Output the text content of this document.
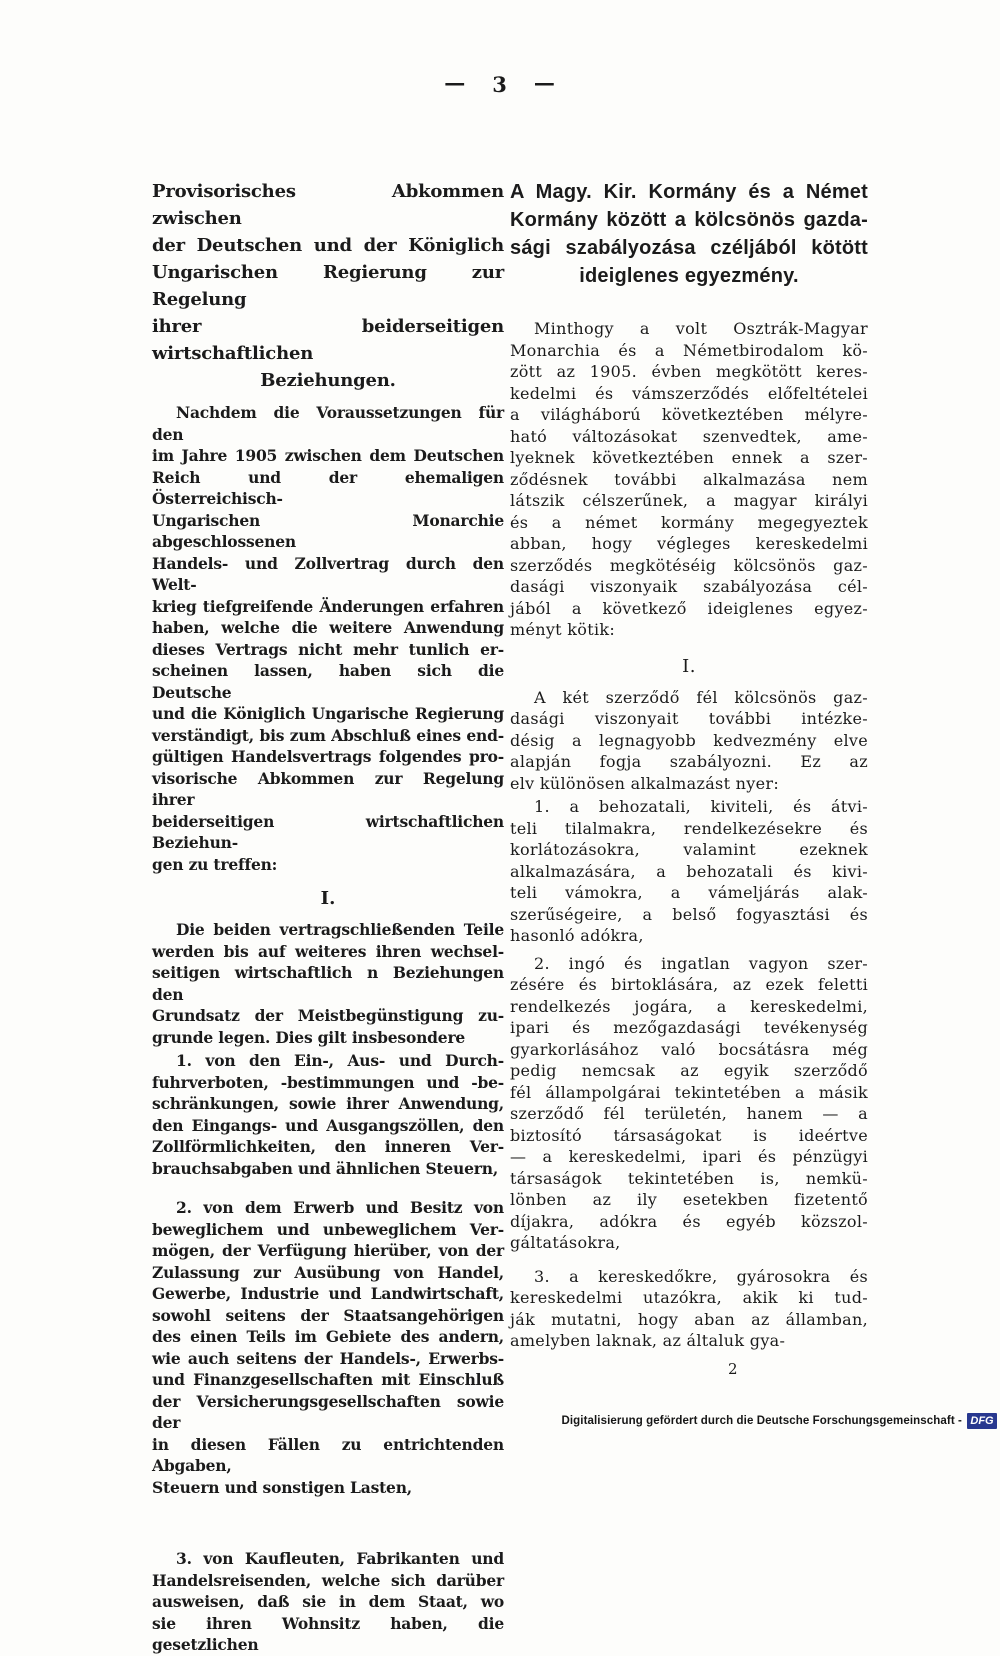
— 3 —
Provisorisches Abkommen zwischen
der Deutschen und der Königlich
Ungarischen Regierung zur Regelung
ihrer beiderseitigen wirtschaftlichen
Beziehungen.
Nachdem die Voraussetzungen für den
im Jahre 1905 zwischen dem Deutschen
Reich und der ehemaligen Österreichisch-
Ungarischen Monarchie abgeschlossenen
Handels- und Zollvertrag durch den Welt-
krieg tiefgreifende Änderungen erfahren
haben, welche die weitere Anwendung
dieses Vertrags nicht mehr tunlich er-
scheinen lassen, haben sich die Deutsche
und die Königlich Ungarische Regierung
verständigt, bis zum Abschluß eines end-
gültigen Handelsvertrags folgendes pro-
visorische Abkommen zur Regelung ihrer
beiderseitigen wirtschaftlichen Beziehun-
gen zu treffen:
I.
Die beiden vertragschließenden Teile
werden bis auf weiteres ihren wechsel-
seitigen wirtschaftlich n Beziehungen den
Grundsatz der Meistbegünstigung zu-
grunde legen. Dies gilt insbesondere
1. von den Ein-, Aus- und Durch-
fuhrverboten, -bestimmungen und -be-
schränkungen, sowie ihrer Anwendung,
den Eingangs- und Ausgangszöllen, den
Zollförmlichkeiten, den inneren Ver-
brauchsabgaben und ähnlichen Steuern,
2. von dem Erwerb und Besitz von
beweglichem und unbeweglichem Ver-
mögen, der Verfügung hierüber, von der
Zulassung zur Ausübung von Handel,
Gewerbe, Industrie und Landwirtschaft,
sowohl seitens der Staatsangehörigen
des einen Teils im Gebiete des andern,
wie auch seitens der Handels-, Erwerbs-
und Finanzgesellschaften mit Einschluß
der Versicherungsgesellschaften sowie der
in diesen Fällen zu entrichtenden Abgaben,
Steuern und sonstigen Lasten,
3. von Kaufleuten, Fabrikanten und
Handelsreisenden, welche sich darüber
ausweisen, daß sie in dem Staat, wo
sie ihren Wohnsitz haben, die gesetzlichen
A Magy. Kir. Kormány és a Német
Kormány között a kölcsönös gazda-
sági szabályozása czéljából kötött
ideiglenes egyezmény.
Minthogy a volt Osztrák-Magyar
Monarchia és a Németbirodalom kö-
zött az 1905. évben megkötött keres-
kedelmi és vámszerződés előfeltételei
a világháború következtében mélyre-
ható változásokat szenvedtek, ame-
lyeknek következtében ennek a szer-
ződésnek további alkalmazása nem
látszik célszerűnek, a magyar királyi
és a német kormány megegyeztek
abban, hogy végleges kereskedelmi
szerződés megkötéséig kölcsönös gaz-
dasági viszonyaik szabályozása cél-
jából a következő ideiglenes egyez-
ményt kötik:
I.
A két szerződő fél kölcsönös gaz-
dasági viszonyait további intézke-
désig a legnagyobb kedvezmény elve
alapján fogja szabályozni. Ez az
elv különösen alkalmazást nyer:
1. a behozatali, kiviteli, és átvi-
teli tilalmakra, rendelkezésekre és
korlátozásokra, valamint ezeknek
alkalmazására, a behozatali és kivi-
teli vámokra, a vámeljárás alak-
szerűségeire, a belső fogyasztási és
hasonló adókra,
2. ingó és ingatlan vagyon szer-
zésére és birtoklására, az ezek feletti
rendelkezés jogára, a kereskedelmi,
ipari és mezőgazdasági tevékenység
gyarkorlásához való bocsátásra még
pedig nemcsak az egyik szerződő
fél állampolgárai tekintetében a másik
szerződő fél területén, hanem — a
biztosító társaságokat is ideértve
— a kereskedelmi, ipari és pénzügyi
társaságok tekintetében is, nemkü-
lönben az ily esetekben fizetentő
díjakra, adókra és egyéb közszol-
gáltatásokra,
3. a kereskedőkre, gyárosokra és
kereskedelmi utazókra, akik ki tud-
ják mutatni, hogy aban az államban,
amelyben laknak, az általuk gya-
2
Digitalisierung gefördert durch die Deutsche Forschungsgemeinschaft - DFG
